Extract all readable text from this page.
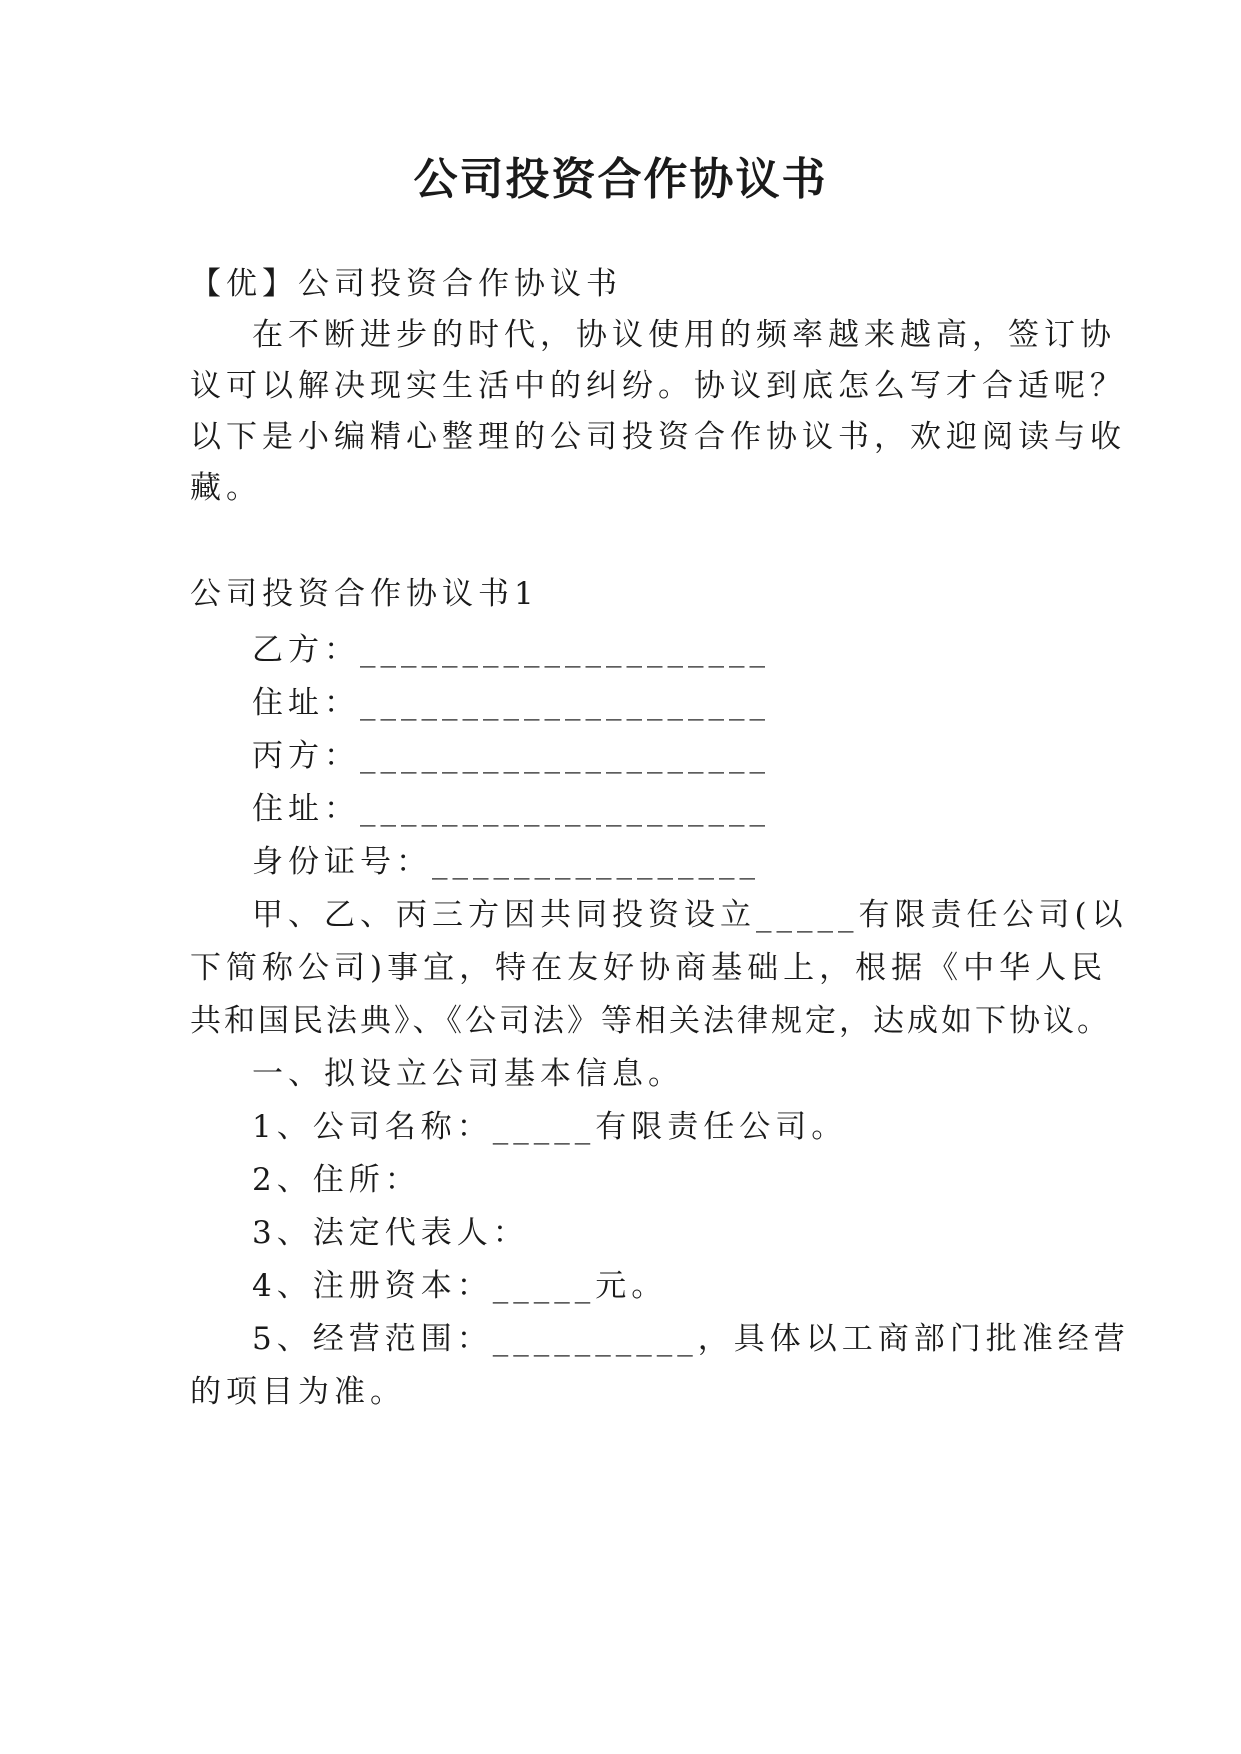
公司投资合作协议书

【优】公司投资合作协议书

在不断进步的时代，协议使用的频率越来越高，签订协

议可以解决现实生活中的纠纷。协议到底怎么写才合适呢？

以下是小编精心整理的公司投资合作协议书，欢迎阅读与收

藏。

公司投资合作协议书1

乙方：____________________

住址：____________________

丙方：____________________

住址：____________________

身份证号：________________

甲、乙、丙三方因共同投资设立_____有限责任公司(以

下简称公司)事宜，特在友好协商基础上，根据《中华人民

共和国民法典》、《公司法》等相关法律规定，达成如下协议。

一、拟设立公司基本信息。

1、公司名称：_____有限责任公司。

2、住所：

3、法定代表人：

4、注册资本：_____元。

5、经营范围：__________，具体以工商部门批准经营

的项目为准。
